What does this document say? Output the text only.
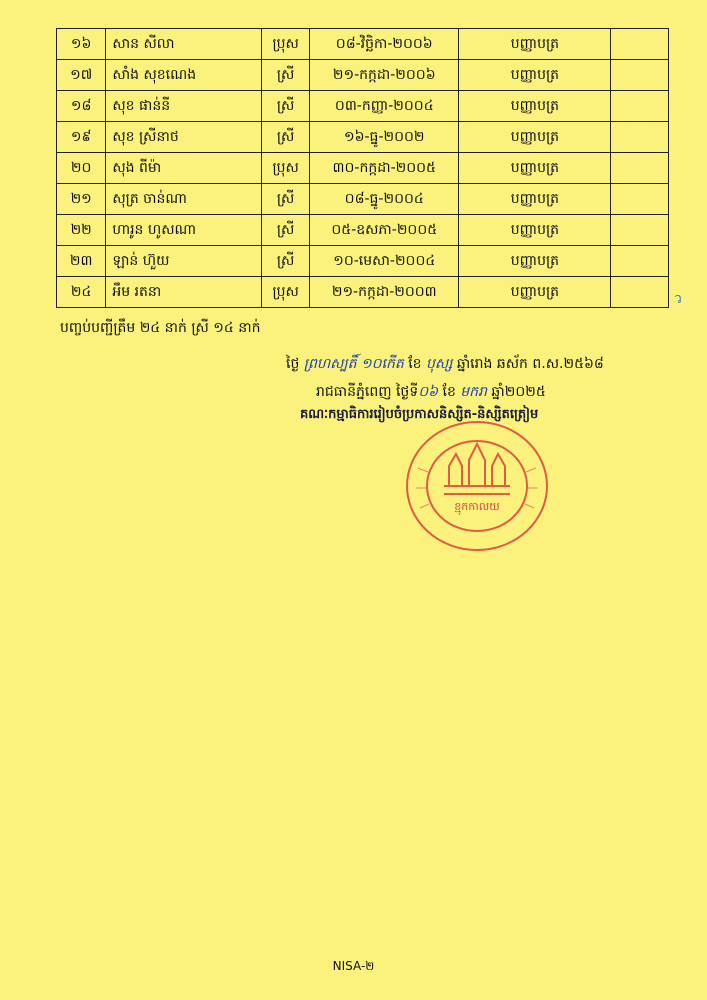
១៦	សាន សីលា	ប្រុស	០៨-វិច្ឆិកា-២០០៦	បញ្ញាបត្រ	
១៧	សាំង សុខណេង	ស្រី	២១-កក្កដា-២០០៦	បញ្ញាបត្រ	
១៨	សុខ ផាន់នី	ស្រី	០៣-កញ្ញា-២០០៤	បញ្ញាបត្រ	
១៩	សុខ ស្រីនាថ	ស្រី	១៦-ធ្នូ-២០០២	បញ្ញាបត្រ	
២០	សុង ពីម៉ា	ប្រុស	៣០-កក្កដា-២០០៥	បញ្ញាបត្រ	
២១	សុត្រ ចាន់ណា	ស្រី	០៨-ធ្នូ-២០០៤	បញ្ញាបត្រ	
២២	ហារូន ហូសណា	ស្រី	០៥-ឧសភា-២០០៥	បញ្ញាបត្រ	
២៣	ឡាន់ ហ៊ួយ	ស្រី	១០-មេសា-២០០៤	បញ្ញាបត្រ	
២៤	អឹម រតនា	ប្រុស	២១-កក្កដា-២០០៣	បញ្ញាបត្រ		ว
បញ្ចប់បញ្ជីត្រឹម ២៤ នាក់ ស្រី ១៤ នាក់
ថ្ងៃ ព្រហស្បតិ៍ ១០កើត ខែ បុស្ស ឆ្នាំរោង ឆស័ក ព.ស.២៥៦៨
រាជធានីភ្នំពេញ ថ្ងៃទី០៦ ខែ មករា ឆ្នាំ២០២៥
គណៈកម្មាធិការរៀបចំប្រកាសនិស្សិត-និស្សិតត្រៀម
ខ្មុកកាលយ
NISA-២
